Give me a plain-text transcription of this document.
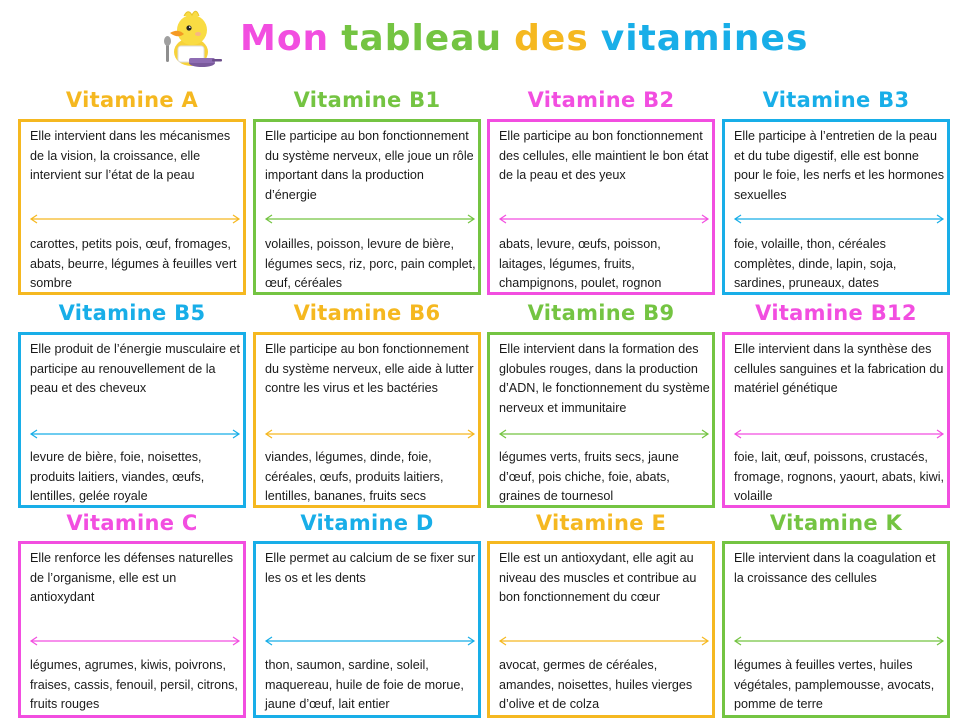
Mon tableau des vitamines
Vitamine A
Elle intervient dans les mécanismes de la vision, la croissance, elle intervient sur l’état de la peau
carottes, petits pois, œuf, fromages, abats, beurre, légumes à feuilles vert sombre
Vitamine B1
Elle participe au bon fonctionnement du système nerveux, elle joue un rôle important dans la production d’énergie
volailles, poisson, levure de bière, légumes secs, riz, porc, pain complet, œuf, céréales
Vitamine B2
Elle participe au bon fonctionnement des cellules, elle maintient le bon état de la peau et des yeux
abats, levure, œufs, poisson, laitages, légumes, fruits, champignons, poulet, rognon
Vitamine B3
Elle participe à l’entretien de la peau et du tube digestif, elle est bonne pour le foie, les nerfs et les hormones sexuelles
foie, volaille, thon, céréales complètes, dinde, lapin, soja, sardines, pruneaux, dates
Vitamine B5
Elle produit de l’énergie musculaire et participe au renouvellement de la peau et des cheveux
levure de bière, foie, noisettes, produits laitiers, viandes, œufs, lentilles, gelée royale
Vitamine B6
Elle participe au bon fonctionnement du système nerveux, elle aide à lutter contre les virus et les bactéries
viandes, légumes, dinde, foie, céréales, œufs, produits laitiers, lentilles, bananes, fruits secs
Vitamine B9
Elle intervient dans la formation des globules rouges, dans la production d’ADN, le fonctionnement du système nerveux et immunitaire
légumes verts, fruits secs, jaune d’œuf, pois chiche, foie, abats, graines de tournesol
Vitamine B12
Elle intervient dans la synthèse des cellules sanguines et la fabrication du matériel génétique
foie, lait, œuf, poissons, crustacés, fromage, rognons, yaourt, abats, kiwi, volaille
Vitamine C
Elle renforce les défenses naturelles de l’organisme, elle est un antioxydant
légumes, agrumes, kiwis, poivrons, fraises, cassis, fenouil, persil, citrons, fruits rouges
Vitamine D
Elle permet au calcium de se fixer sur les os et les dents
thon, saumon, sardine, soleil, maquereau, huile de foie de morue, jaune d’œuf, lait entier
Vitamine E
Elle est un antioxydant, elle agit au niveau des muscles et contribue au bon fonctionnement du cœur
avocat, germes de céréales, amandes, noisettes, huiles vierges d’olive et de colza
Vitamine K
Elle intervient dans la coagulation et la croissance des cellules
légumes à feuilles vertes, huiles végétales, pamplemousse, avocats, pomme de terre
